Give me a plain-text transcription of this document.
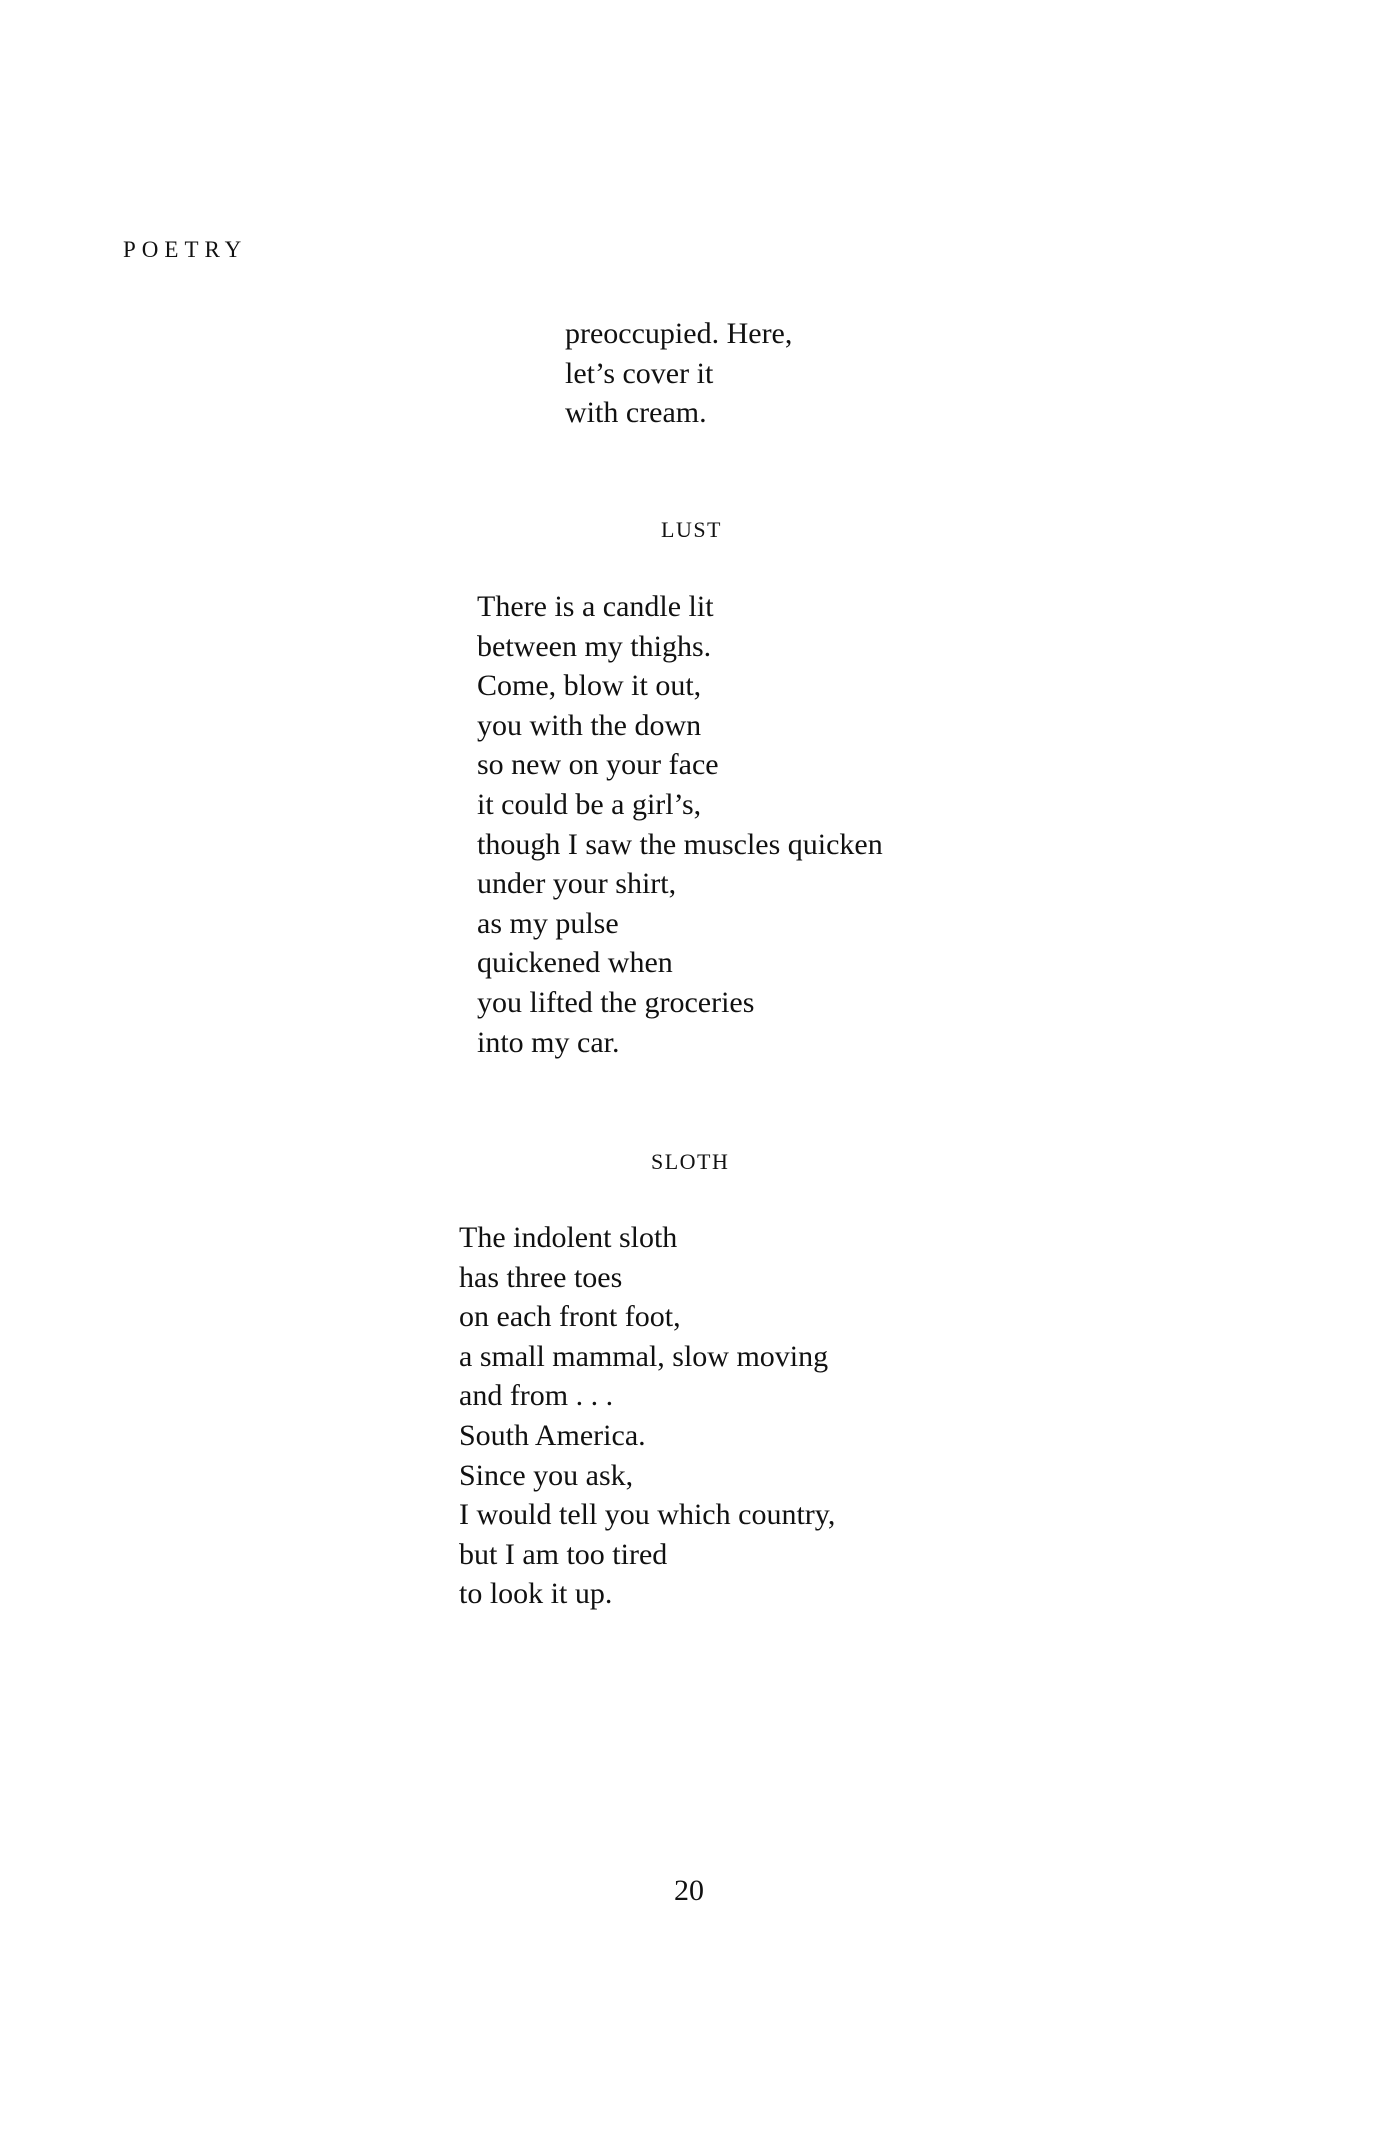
POETRY
preoccupied. Here,
let’s cover it
with cream.
LUST
There is a candle lit
between my thighs.
Come, blow it out,
you with the down
so new on your face
it could be a girl’s,
though I saw the muscles quicken
under your shirt,
as my pulse
quickened when
you lifted the groceries
into my car.
SLOTH
The indolent sloth
has three toes
on each front foot,
a small mammal, slow moving
and from . . .
South America.
Since you ask,
I would tell you which country,
but I am too tired
to look it up.
20
